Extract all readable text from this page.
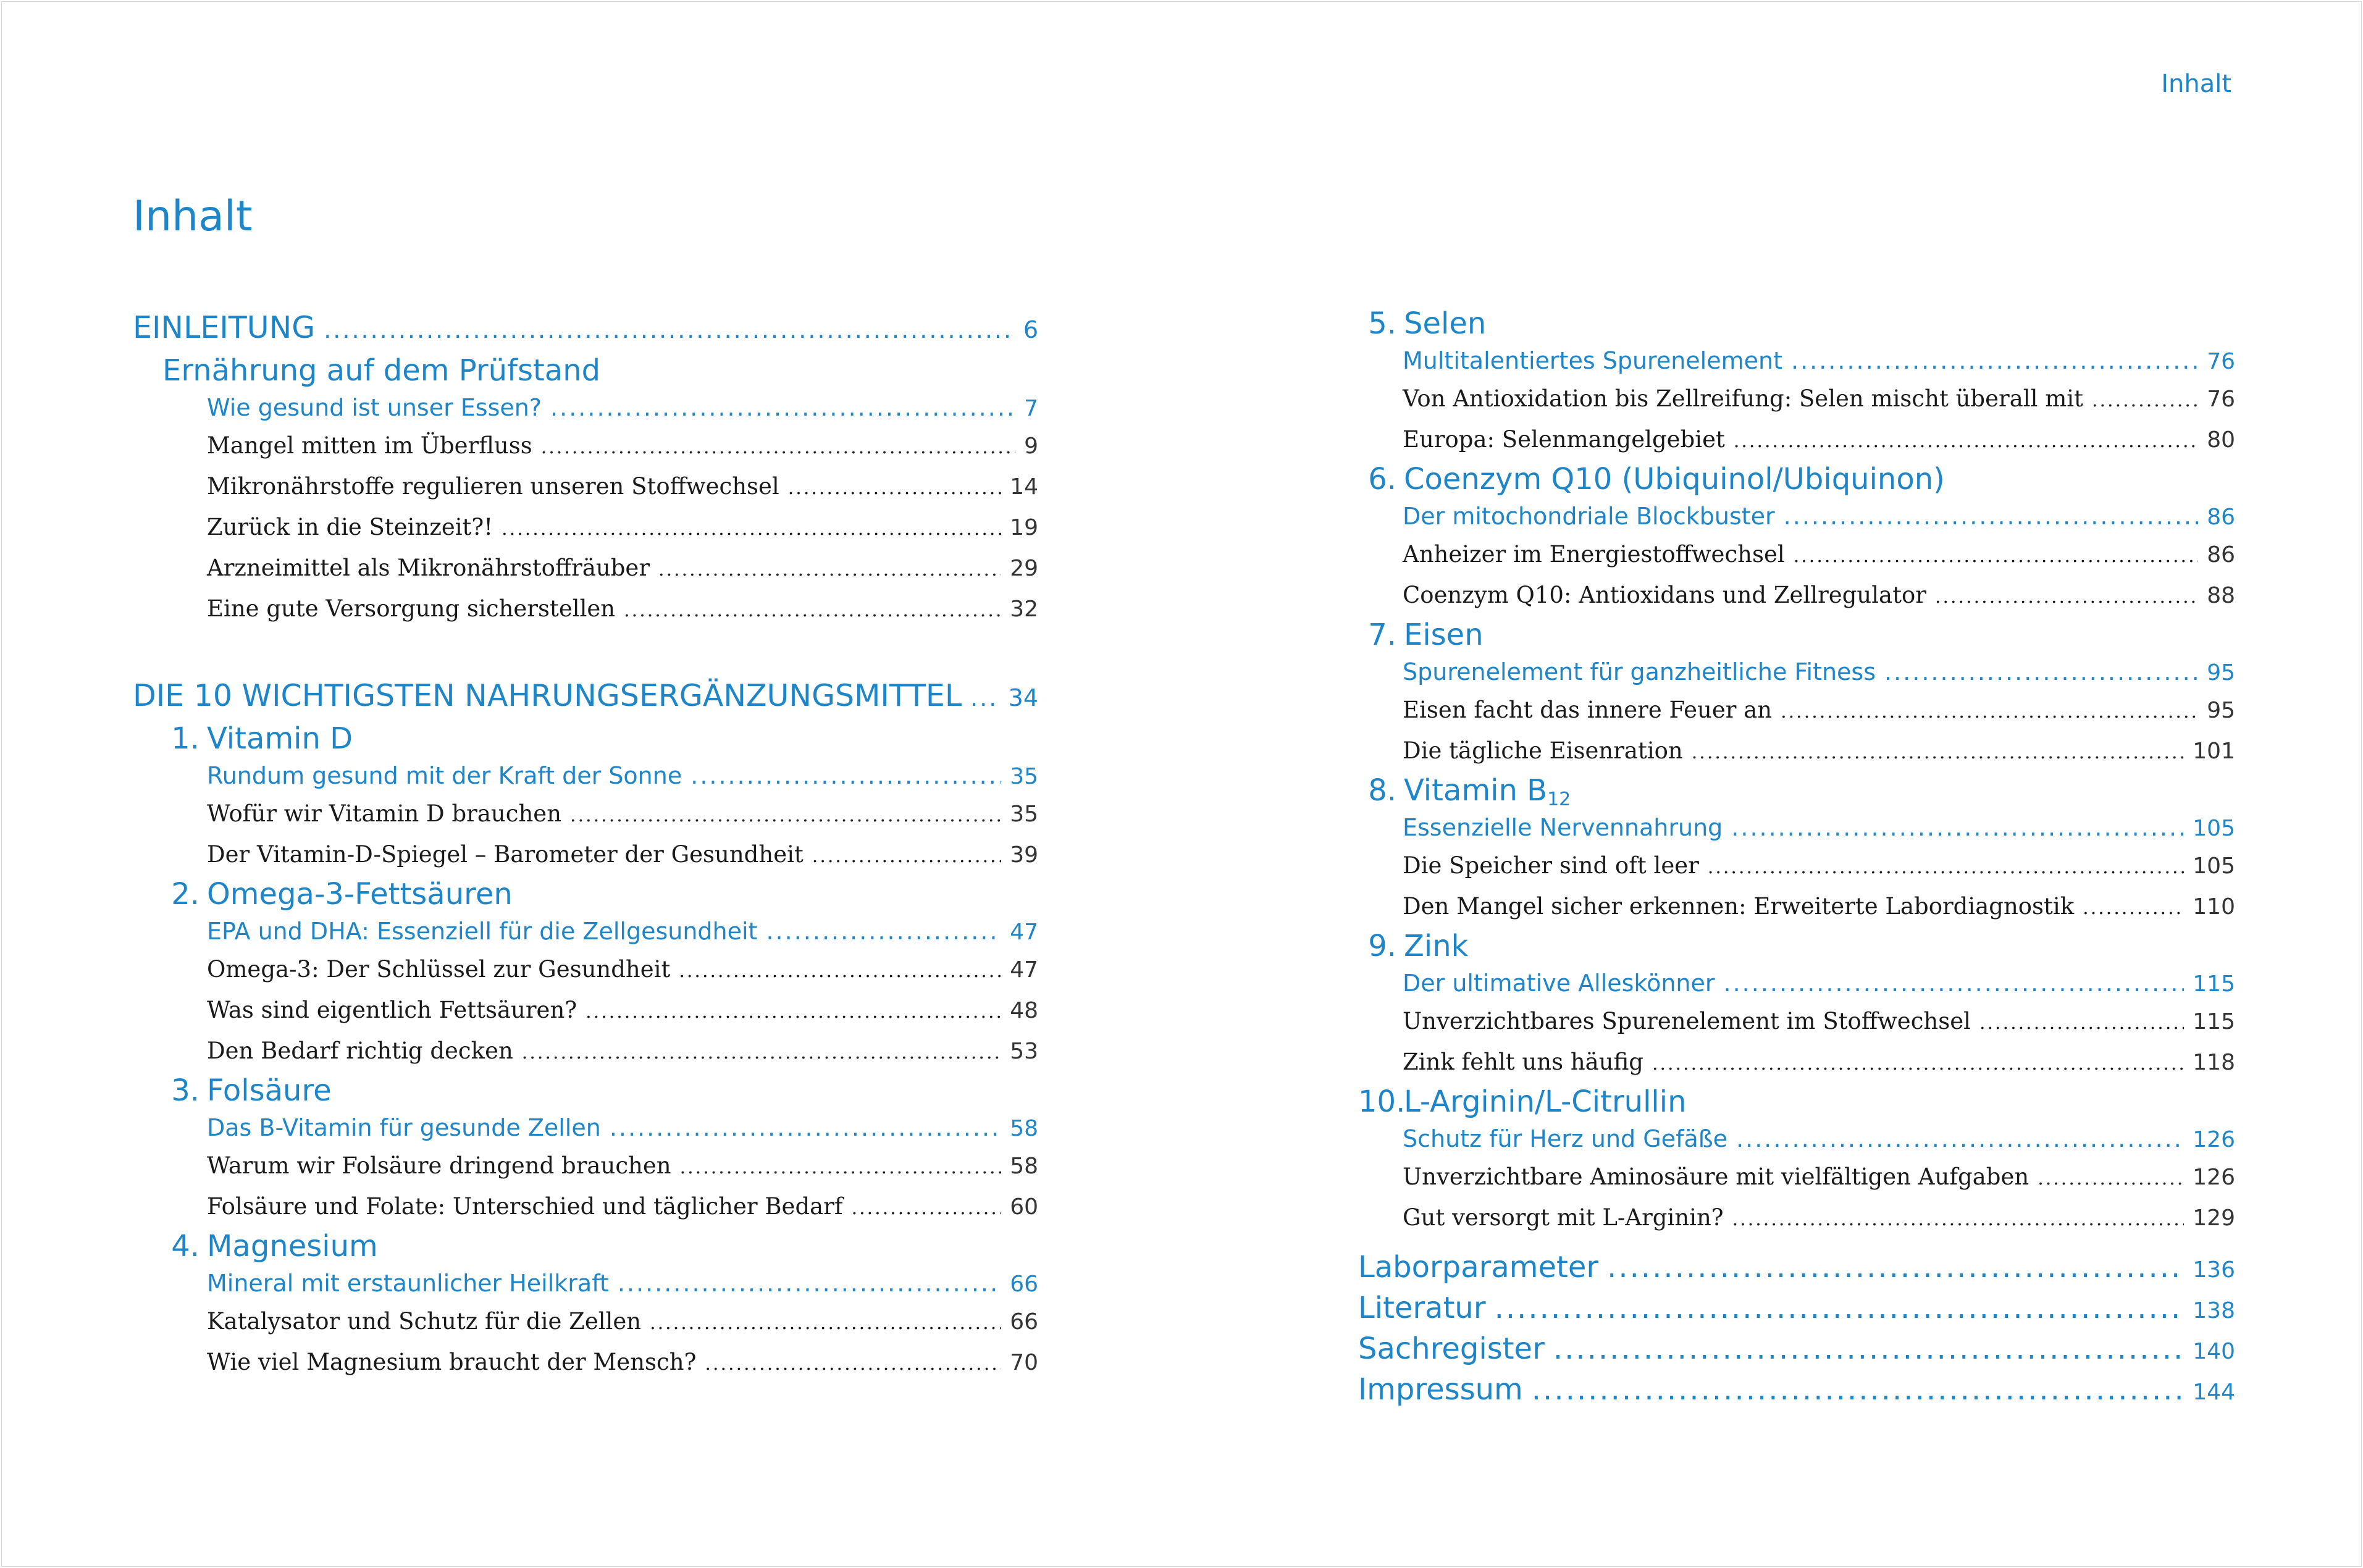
Inhalt
Inhalt
EINLEITUNG .....	6
Ernährung auf dem Prüfstand
Wie gesund ist unser Essen? .....	7
Mangel mitten im Überfluss .....	9
Mikronährstoffe regulieren unseren Stoffwechsel .....	14
Zurück in die Steinzeit?! .....	19
Arzneimittel als Mikronährstoffräuber .....	29
Eine gute Versorgung sicherstellen .....	32
DIE 10 WICHTIGSTEN NAHRUNGSERGÄNZUNGSMITTEL ..... 34
1. Vitamin D
Rundum gesund mit der Kraft der Sonne .....	35
Wofür wir Vitamin D brauchen .....	35
Der Vitamin-D-Spiegel – Barometer der Gesundheit .....	39
2. Omega-3-Fettsäuren
EPA und DHA: Essenziell für die Zellgesundheit .....	47
Omega-3: Der Schlüssel zur Gesundheit .....	47
Was sind eigentlich Fettsäuren? .....	48
Den Bedarf richtig decken .....	53
3. Folsäure
Das B-Vitamin für gesunde Zellen .....	58
Warum wir Folsäure dringend brauchen .....	58
Folsäure und Folate: Unterschied und täglicher Bedarf .....	60
4. Magnesium
Mineral mit erstaunlicher Heilkraft .....	66
Katalysator und Schutz für die Zellen .....	66
Wie viel Magnesium braucht der Mensch? .....	70
5. Selen
Multitalentiertes Spurenelement .....	76
Von Antioxidation bis Zellreifung: Selen mischt überall mit .....	76
Europa: Selenmangelgebiet .....	80
6. Coenzym Q10 (Ubiquinol/Ubiquinon)
Der mitochondriale Blockbuster .....	86
Anheizer im Energiestoffwechsel .....	86
Coenzym Q10: Antioxidans und Zellregulator .....	88
7. Eisen
Spurenelement für ganzheitliche Fitness .....	95
Eisen facht das innere Feuer an .....	95
Die tägliche Eisenration .....	101
8. Vitamin $B_{12}$
Essenzielle Nervennahrung .....	105
Die Speicher sind oft leer .....	105
Den Mangel sicher erkennen: Erweiterte Labordiagnostik .....	110
9. Zink
Der ultimative Alleskönner .....	115
Unverzichtbares Spurenelement im Stoffwechsel .....	115
Zink fehlt uns häufig .....	118
10.
L-Arginin/L-Citrullin
Schutz für Herz und Gefäße .....	126
Unverzichtbare Aminosäure mit vielfältigen Aufgaben .....	126
Gut versorgt mit L-Arginin? .....	129
Laborparameter .....	136
Literatur .....	138
Sachregister .....	140
Impressum .....	144
